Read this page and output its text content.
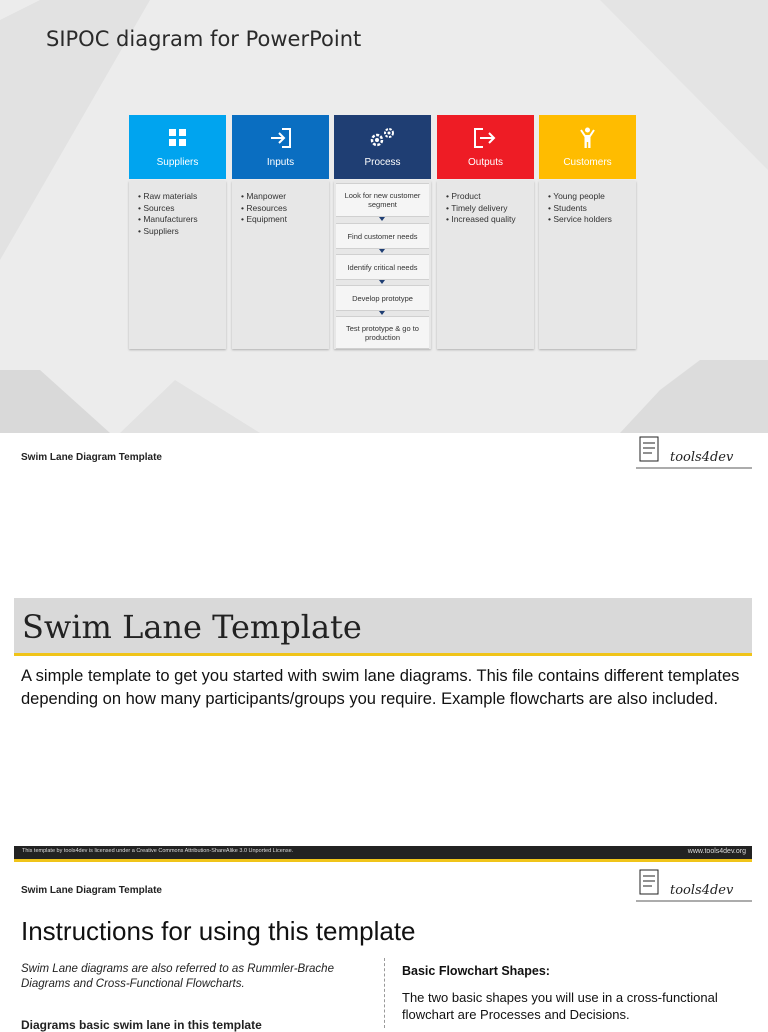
SIPOC diagram for PowerPoint
Suppliers
• Raw materials
• Sources
• Manufacturers
• Suppliers
Inputs
• Manpower
• Resources
• Equipment
Process
Look for new customer segment
Find customer needs
Identify critical needs
Develop prototype
Test prototype & go to production
Outputs
• Product
• Timely delivery
• Increased quality
Customers
• Young people
• Students
• Service holders
Swim Lane Diagram Template	tools4dev
Swim Lane Template
A simple template to get you started with swim lane diagrams. This file contains different templates depending on how many participants/groups you require. Example flowcharts are also included.
This template by tools4dev is licensed under a Creative Commons Attribution-ShareAlike 3.0 Unported License.	www.tools4dev.org
Swim Lane Diagram Template	tools4dev
Instructions for using this template
Swim Lane diagrams are also referred to as Rummler-Brache Diagrams and Cross-Functional Flowcharts.
Diagrams basic swim lane in this template
Basic Flowchart Shapes:
The two basic shapes you will use in a cross-functional flowchart are Processes and Decisions.
